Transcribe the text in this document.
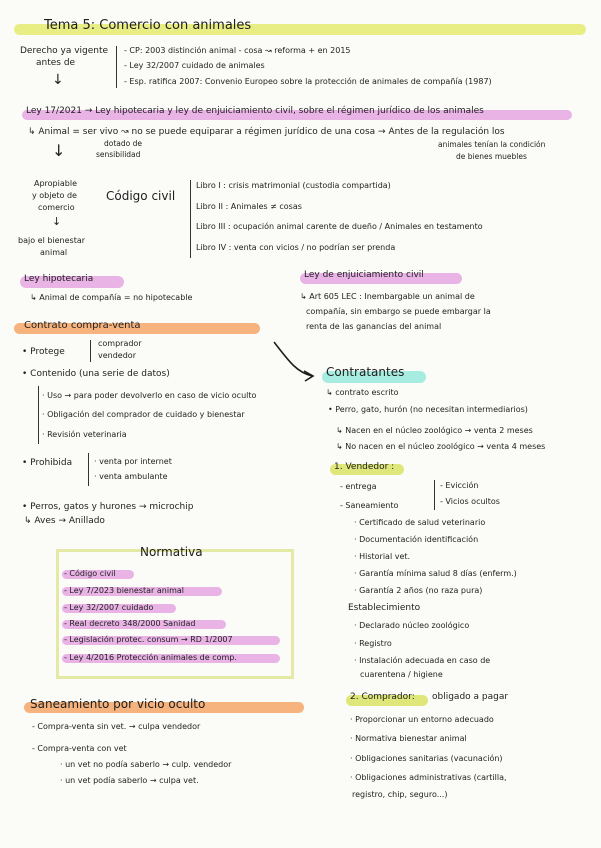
Tema 5: Comercio con animales
Derecho ya vigente
antes de
↓
- CP: 2003 distinción animal - cosa ↝ reforma + en 2015
- Ley 32/2007 cuidado de animales
- Esp. ratifica 2007: Convenio Europeo sobre la protección de animales de compañía (1987)
Ley 17/2021 → Ley hipotecaria y ley de enjuiciamiento civil, sobre el régimen jurídico de los animales
↳ Animal = ser vivo ↝ no se puede equiparar a régimen jurídico de una cosa → Antes de la regulación los
dotado de
sensibilidad
animales tenían la condición
de bienes muebles
↓
Apropiable
y objeto de
comercio
↓
bajo el bienestar
animal
Código civil
Libro I : crisis matrimonial (custodia compartida)
Libro II : Animales ≠ cosas
Libro III : ocupación animal carente de dueño / Animales en testamento
Libro IV : venta con vicios / no podrían ser prenda
Ley hipotecaria
↳ Animal de compañía = no hipotecable
Ley de enjuiciamiento civil
↳ Art 605 LEC : Inembargable un animal de
compañía, sin embargo se puede embargar la
renta de las ganancias del animal
Contrato compra-venta
• Protege
comprador
vendedor
• Contenido (una serie de datos)
· Uso → para poder devolverlo en caso de vicio oculto
· Obligación del comprador de cuidado y bienestar
· Revisión veterinaria
• Prohibida	· venta por internet
· venta ambulante
• Perros, gatos y hurones → microchip
↳ Aves → Anillado
Contratantes
↳ contrato escrito
• Perro, gato, hurón (no necesitan intermediarios)
↳ Nacen en el núcleo zoológico → venta 2 meses
↳ No nacen en el núcleo zoológico → venta 4 meses
1. Vendedor :
- entrega
- Saneamiento
- Evicción
- Vicios ocultos
· Certificado de salud veterinario
· Documentación identificación
· Historial vet.
· Garantía mínima salud 8 días (enferm.)
· Garantía 2 años (no raza pura)
Establecimiento
· Declarado núcleo zoológico
· Registro
· Instalación adecuada en caso de
cuarentena / higiene
2. Comprador: obligado a pagar
· Proporcionar un entorno adecuado
· Normativa bienestar animal
· Obligaciones sanitarias (vacunación)
· Obligaciones administrativas (cartilla,
registro, chip, seguro...)
Normativa
- Código civil
- Ley 7/2023 bienestar animal
- Ley 32/2007 cuidado
- Real decreto 348/2000 Sanidad
- Legislación protec. consum → RD 1/2007
- Ley 4/2016 Protección animales de comp.
Saneamiento por vicio oculto
- Compra-venta sin vet. → culpa vendedor
- Compra-venta con vet
· un vet no podía saberlo → culp. vendedor
· un vet podía saberlo → culpa vet.
